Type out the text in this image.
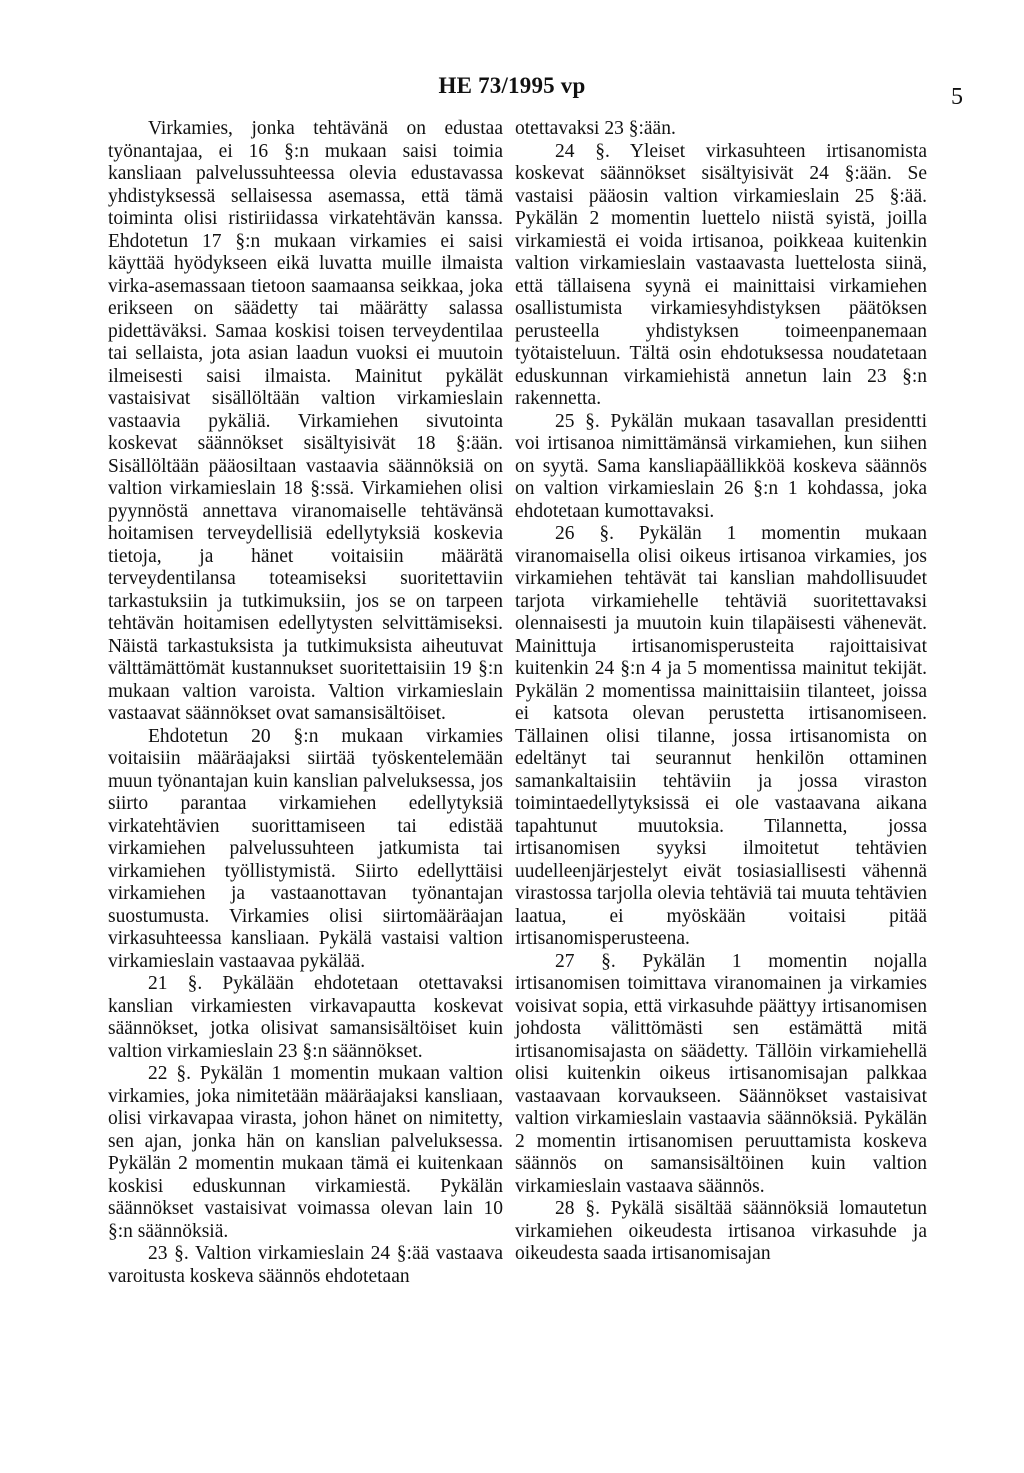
HE 73/1995 vp	5

Virkamies, jonka tehtävänä on edustaa työnantajaa, ei 16 §:n mukaan saisi toimia kansliaan palvelussuhteessa olevia edustavassa yhdistyksessä sellaisessa asemassa, että tämä toiminta olisi ristiriidassa virkatehtävän kanssa. Ehdotetun 17 §:n mukaan virkamies ei saisi käyttää hyödykseen eikä luvatta muille ilmaista virka-asemassaan tietoon saamaansa seikkaa, joka erikseen on säädetty tai määrätty salassa pidettäväksi. Samaa koskisi toisen terveydentilaa tai sellaista, jota asian laadun vuoksi ei muutoin ilmeisesti saisi ilmaista. Mainitut pykälät vastaisivat sisällöltään valtion virkamieslain vastaavia pykäliä. Virkamiehen sivutointa koskevat säännökset sisältyisivät 18 §:ään. Sisällöltään pääosiltaan vastaavia säännöksiä on valtion virkamieslain 18 §:ssä. Virkamiehen olisi pyynnöstä annettava viranomaiselle tehtävänsä hoitamisen terveydellisiä edellytyksiä koskevia tietoja, ja hänet voitaisiin määrätä terveydentilansa toteamiseksi suoritettaviin tarkastuksiin ja tutkimuksiin, jos se on tarpeen tehtävän hoitamisen edellytysten selvittämiseksi. Näistä tarkastuksista ja tutkimuksista aiheutuvat välttämättömät kustannukset suoritettaisiin 19 §:n mukaan valtion varoista. Valtion virkamieslain vastaavat säännökset ovat samansisältöiset.

Ehdotetun 20 §:n mukaan virkamies voitaisiin määräajaksi siirtää työskentelemään muun työnantajan kuin kanslian palveluksessa, jos siirto parantaa virkamiehen edellytyksiä virkatehtävien suorittamiseen tai edistää virkamiehen palvelussuhteen jatkumista tai virkamiehen työllistymistä. Siirto edellyttäisi virkamiehen ja vastaanottavan työnantajan suostumusta. Virkamies olisi siirtomääräajan virkasuhteessa kansliaan. Pykälä vastaisi valtion virkamieslain vastaavaa pykälää.

21 §. Pykälään ehdotetaan otettavaksi kanslian virkamiesten virkavapautta koskevat säännökset, jotka olisivat samansisältöiset kuin valtion virkamieslain 23 §:n säännökset.

22 §. Pykälän 1 momentin mukaan valtion virkamies, joka nimitetään määräajaksi kansliaan, olisi virkavapaa virasta, johon hänet on nimitetty, sen ajan, jonka hän on kanslian palveluksessa. Pykälän 2 momentin mukaan tämä ei kuitenkaan koskisi eduskunnan virkamiestä. Pykälän säännökset vastaisivat voimassa olevan lain 10 §:n säännöksiä.

23 §. Valtion virkamieslain 24 §:ää vastaava varoitusta koskeva säännös ehdotetaan

otettavaksi 23 §:ään.

24 §. Yleiset virkasuhteen irtisanomista koskevat säännökset sisältyisivät 24 §:ään. Se vastaisi pääosin valtion virkamieslain 25 §:ää. Pykälän 2 momentin luettelo niistä syistä, joilla virkamiestä ei voida irtisanoa, poikkeaa kuitenkin valtion virkamieslain vastaavasta luettelosta siinä, että tällaisena syynä ei mainittaisi virkamiehen osallistumista virkamiesyhdistyksen päätöksen perusteella yhdistyksen toimeenpanemaan työtaisteluun. Tältä osin ehdotuksessa noudatetaan eduskunnan virkamiehistä annetun lain 23 §:n rakennetta.

25 §. Pykälän mukaan tasavallan presidentti voi irtisanoa nimittämänsä virkamiehen, kun siihen on syytä. Sama kansliapäällikköä koskeva säännös on valtion virkamieslain 26 §:n 1 kohdassa, joka ehdotetaan kumottavaksi.

26 §. Pykälän 1 momentin mukaan viranomaisella olisi oikeus irtisanoa virkamies, jos virkamiehen tehtävät tai kanslian mahdollisuudet tarjota virkamiehelle tehtäviä suoritettavaksi olennaisesti ja muutoin kuin tilapäisesti vähenevät. Mainittuja irtisanomisperusteita rajoittaisivat kuitenkin 24 §:n 4 ja 5 momentissa mainitut tekijät. Pykälän 2 momentissa mainittaisiin tilanteet, joissa ei katsota olevan perustetta irtisanomiseen. Tällainen olisi tilanne, jossa irtisanomista on edeltänyt tai seurannut henkilön ottaminen samankaltaisiin tehtäviin ja jossa viraston toimintaedellytyksissä ei ole vastaavana aikana tapahtunut muutoksia. Tilannetta, jossa irtisanomisen syyksi ilmoitetut tehtävien uudelleenjärjestelyt eivät tosiasiallisesti vähennä virastossa tarjolla olevia tehtäviä tai muuta tehtävien laatua, ei myöskään voitaisi pitää irtisanomisperusteena.

27 §. Pykälän 1 momentin nojalla irtisanomisen toimittava viranomainen ja virkamies voisivat sopia, että virkasuhde päättyy irtisanomisen johdosta välittömästi sen estämättä mitä irtisanomisajasta on säädetty. Tällöin virkamiehellä olisi kuitenkin oikeus irtisanomisajan palkkaa vastaavaan korvaukseen. Säännökset vastaisivat valtion virkamieslain vastaavia säännöksiä. Pykälän 2 momentin irtisanomisen peruuttamista koskeva säännös on samansisältöinen kuin valtion virkamieslain vastaava säännös.

28 §. Pykälä sisältää säännöksiä lomautetun virkamiehen oikeudesta irtisanoa virkasuhde ja oikeudesta saada irtisanomisajan
